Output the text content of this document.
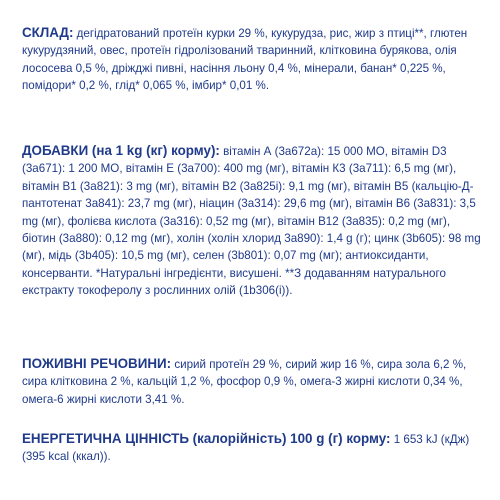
СКЛАД: дегідратований протеїн курки 29 %, кукурудза, рис, жир з птиці**, глютен кукурудзяний, овес, протеїн гідролізований тваринний, клітковина бурякова, олія лососева 0,5 %, дріжджі пивні, насіння льону 0,4 %, мінерали, банан* 0,225 %, помідори* 0,2 %, глід* 0,065 %, імбир* 0,01 %.

ДОБАВКИ (на 1 kg (кг) корму): вітамін А (3a672a): 15 000 МО, вітамін D3 (3a671): 1 200 МО, вітамін Е (3a700): 400 mg (мг), вітамін К3 (3a711): 6,5 mg (мг), вітамін В1 (3a821): 3 mg (мг), вітамін В2 (3a825i): 9,1 mg (мг), вітамін В5 (кальцію-Д-пантотенат 3a841): 23,7 mg (мг), ніацин (3a314): 29,6 mg (мг), вітамін В6 (3a831): 3,5 mg (мг), фолієва кислота (3a316): 0,52 mg (мг), вітамін В12 (3a835): 0,2 mg (мг), біотин (3a880): 0,12 mg (мг), холін (холін хлорид 3a890): 1,4 g (г); цинк (3b605): 98 mg (мг), мідь (3b405): 10,5 mg (мг), селен (3b801): 0,07 mg (мг); антиоксиданти, консерванти. *Натуральні інгредієнти, висушені. **З додаванням натурального екстракту токоферолу з рослинних олій (1b306(i)).

ПОЖИВНІ РЕЧОВИНИ: сирий протеїн 29 %, сирий жир 16 %, сира зола 6,2 %, сира клітковина 2 %, кальцій 1,2 %, фосфор 0,9 %, омега-3 жирні кислоти 0,34 %, омега-6 жирні кислоти 3,41 %.

ЕНЕРГЕТИЧНА ЦІННІСТЬ (калорійність) 100 g (г) корму: 1 653 kJ (кДж) (395 kcal (ккал)).
